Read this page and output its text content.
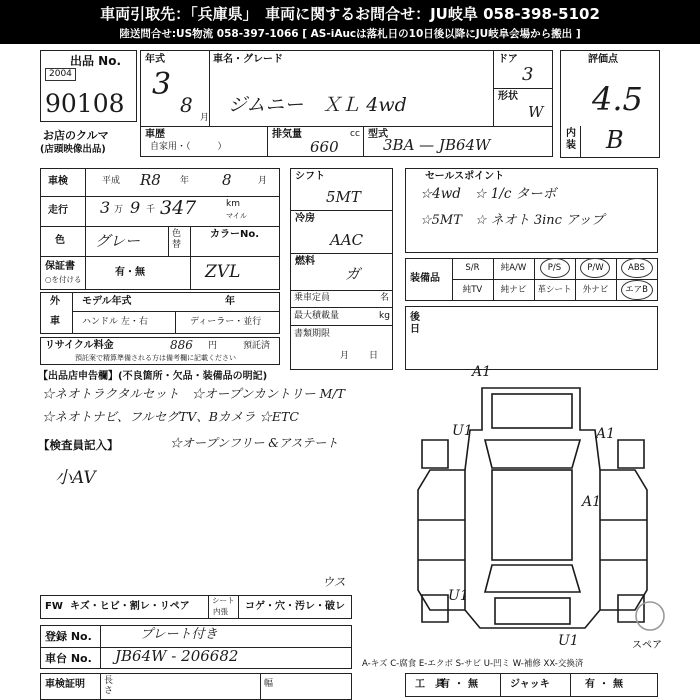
車両引取先：「兵庫県」　車両に関するお問合せ：JU岐阜 058-398-5102
陸送問合せ:US物流 058-397-1066 [ AS-iAucは落札日の10日後以降にJU岐阜会場から搬出 ]
出品 No.
2004
90108
お店のクルマ
(店頭映像出品)
年式
3
8
月
車名・グレード
ジムニー　ＸＬ 4wd
ドア
3
形状
W
車歴
自家用・（　　　）
排気量	cc
660
型式
3BA — JB64W
評価点
4.5
内装 B
車検	平成 R8 年 8	月
走行 3 万 9 千 347	km
マイル
色 グレー	色替
カラーNo.
ZVL
保証書
○を付ける
有・無
シフト
5MT
冷房
AAC
燃料
ガ
乗車定員	名
最大積載量	kg
書類期限
月日
セールスポイント
☆4wd　☆ 1/c ターボ
☆5MT　☆ ネオト 3inc アップ
装備品
S/R	純A/W	P/S	P/W	ABS
純TV	純ナビ	革シート	外ナビ	エアB
後日
外
車
モデル年式	年
ハンドル 左・右	ディーラー・並行
リサイクル料金	886 円	預託済
預託案で精算準備される方は備考欄に記載ください
【出品店申告欄】(不良箇所・欠品・装備品の明記)
☆ネオトラクタルセット　☆オープンカントリー M/T
☆ネオトナビ、フルセグTV、Bカメラ ☆ETC
【検査員記入】	☆オープンフリー &アステート
小AV
A1
U1	A1
A1
U1
U1	スペア
ウス
FW キズ・ヒビ・割レ・リペア
シート
内張 コゲ・穴・汚レ・破レ
登録 No.	プレート付き
車台 No. JB64W - 206682
車検証明 長さ
幅
A-キズ C-腐食 E-エクボ S-サビ U-凹ミ W-補修 XX-交換済
工　具
有・無	ジャッキ	有・無
